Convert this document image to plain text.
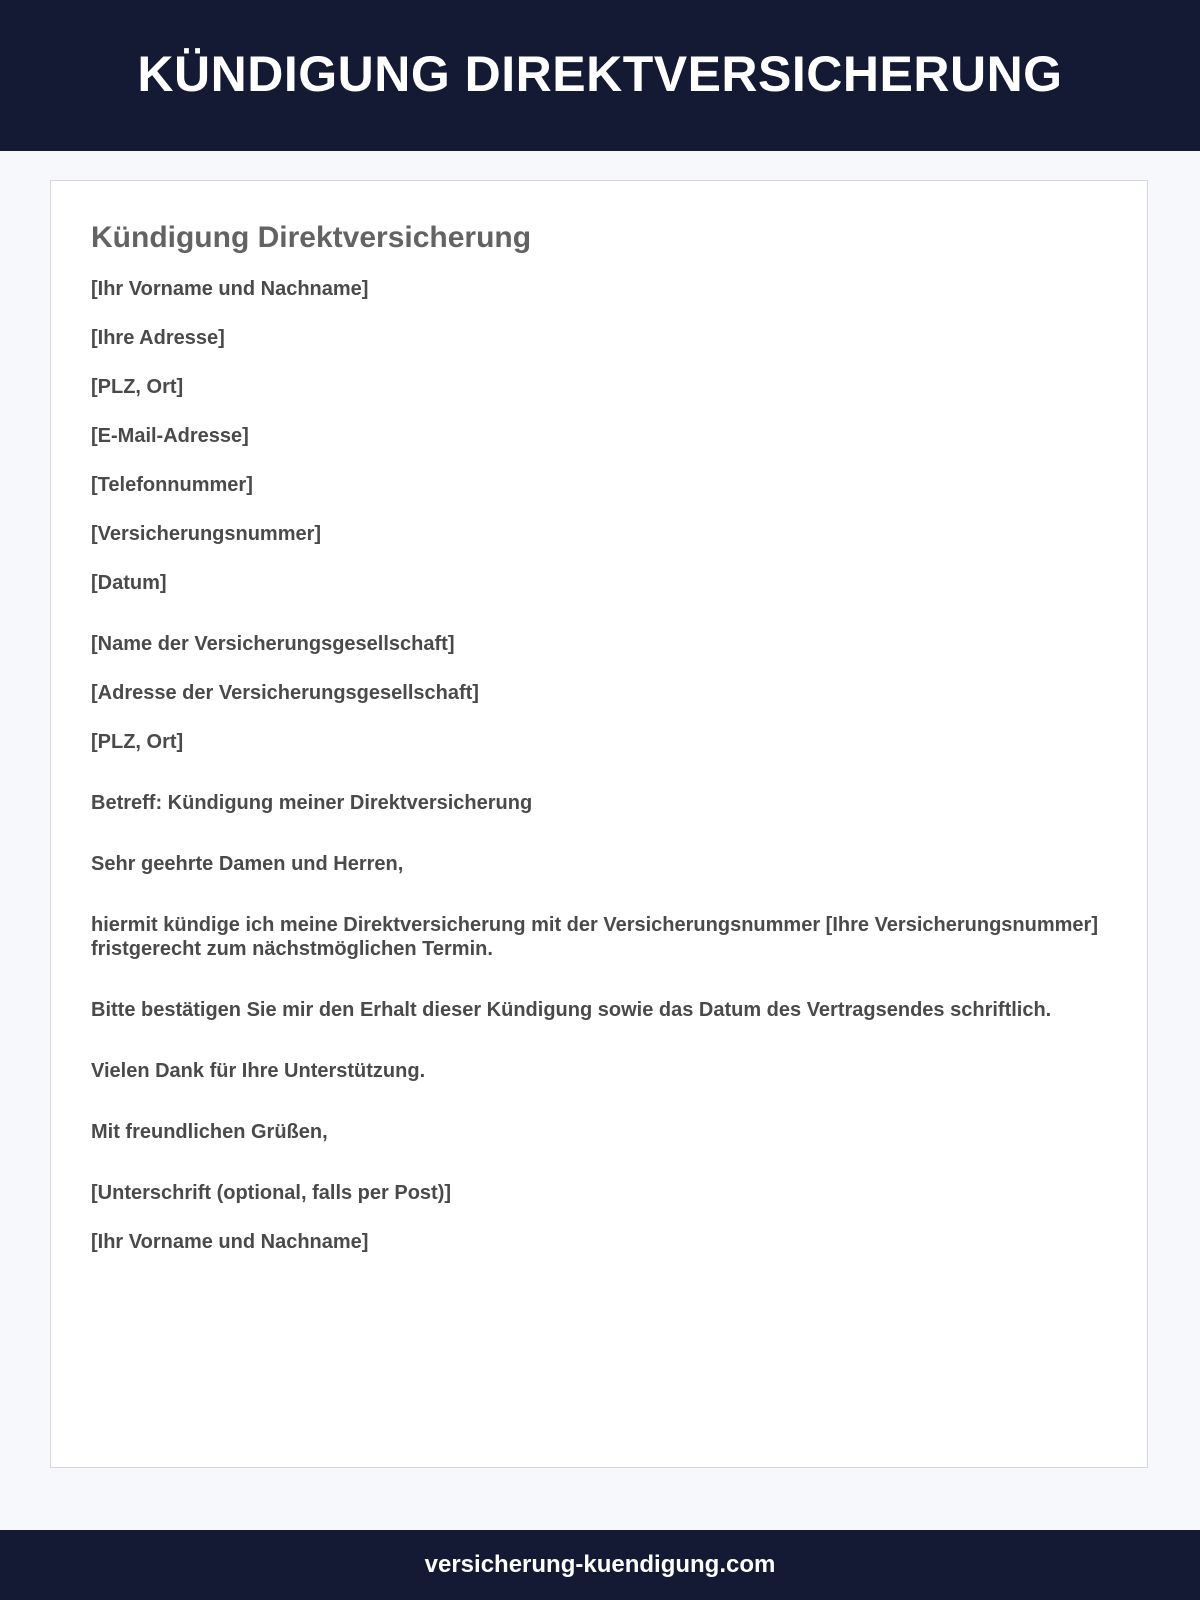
KÜNDIGUNG DIREKTVERSICHERUNG
Kündigung Direktversicherung

[Ihr Vorname und Nachname]

[Ihre Adresse]

[PLZ, Ort]

[E-Mail-Adresse]

[Telefonnummer]

[Versicherungsnummer]

[Datum]

[Name der Versicherungsgesellschaft]

[Adresse der Versicherungsgesellschaft]

[PLZ, Ort]

Betreff: Kündigung meiner Direktversicherung

Sehr geehrte Damen und Herren,

hiermit kündige ich meine Direktversicherung mit der Versicherungsnummer [Ihre Versicherungsnummer] fristgerecht zum nächstmöglichen Termin.

Bitte bestätigen Sie mir den Erhalt dieser Kündigung sowie das Datum des Vertragsendes schriftlich.

Vielen Dank für Ihre Unterstützung.

Mit freundlichen Grüßen,

[Unterschrift (optional, falls per Post)]

[Ihr Vorname und Nachname]

versicherung-kuendigung.com
